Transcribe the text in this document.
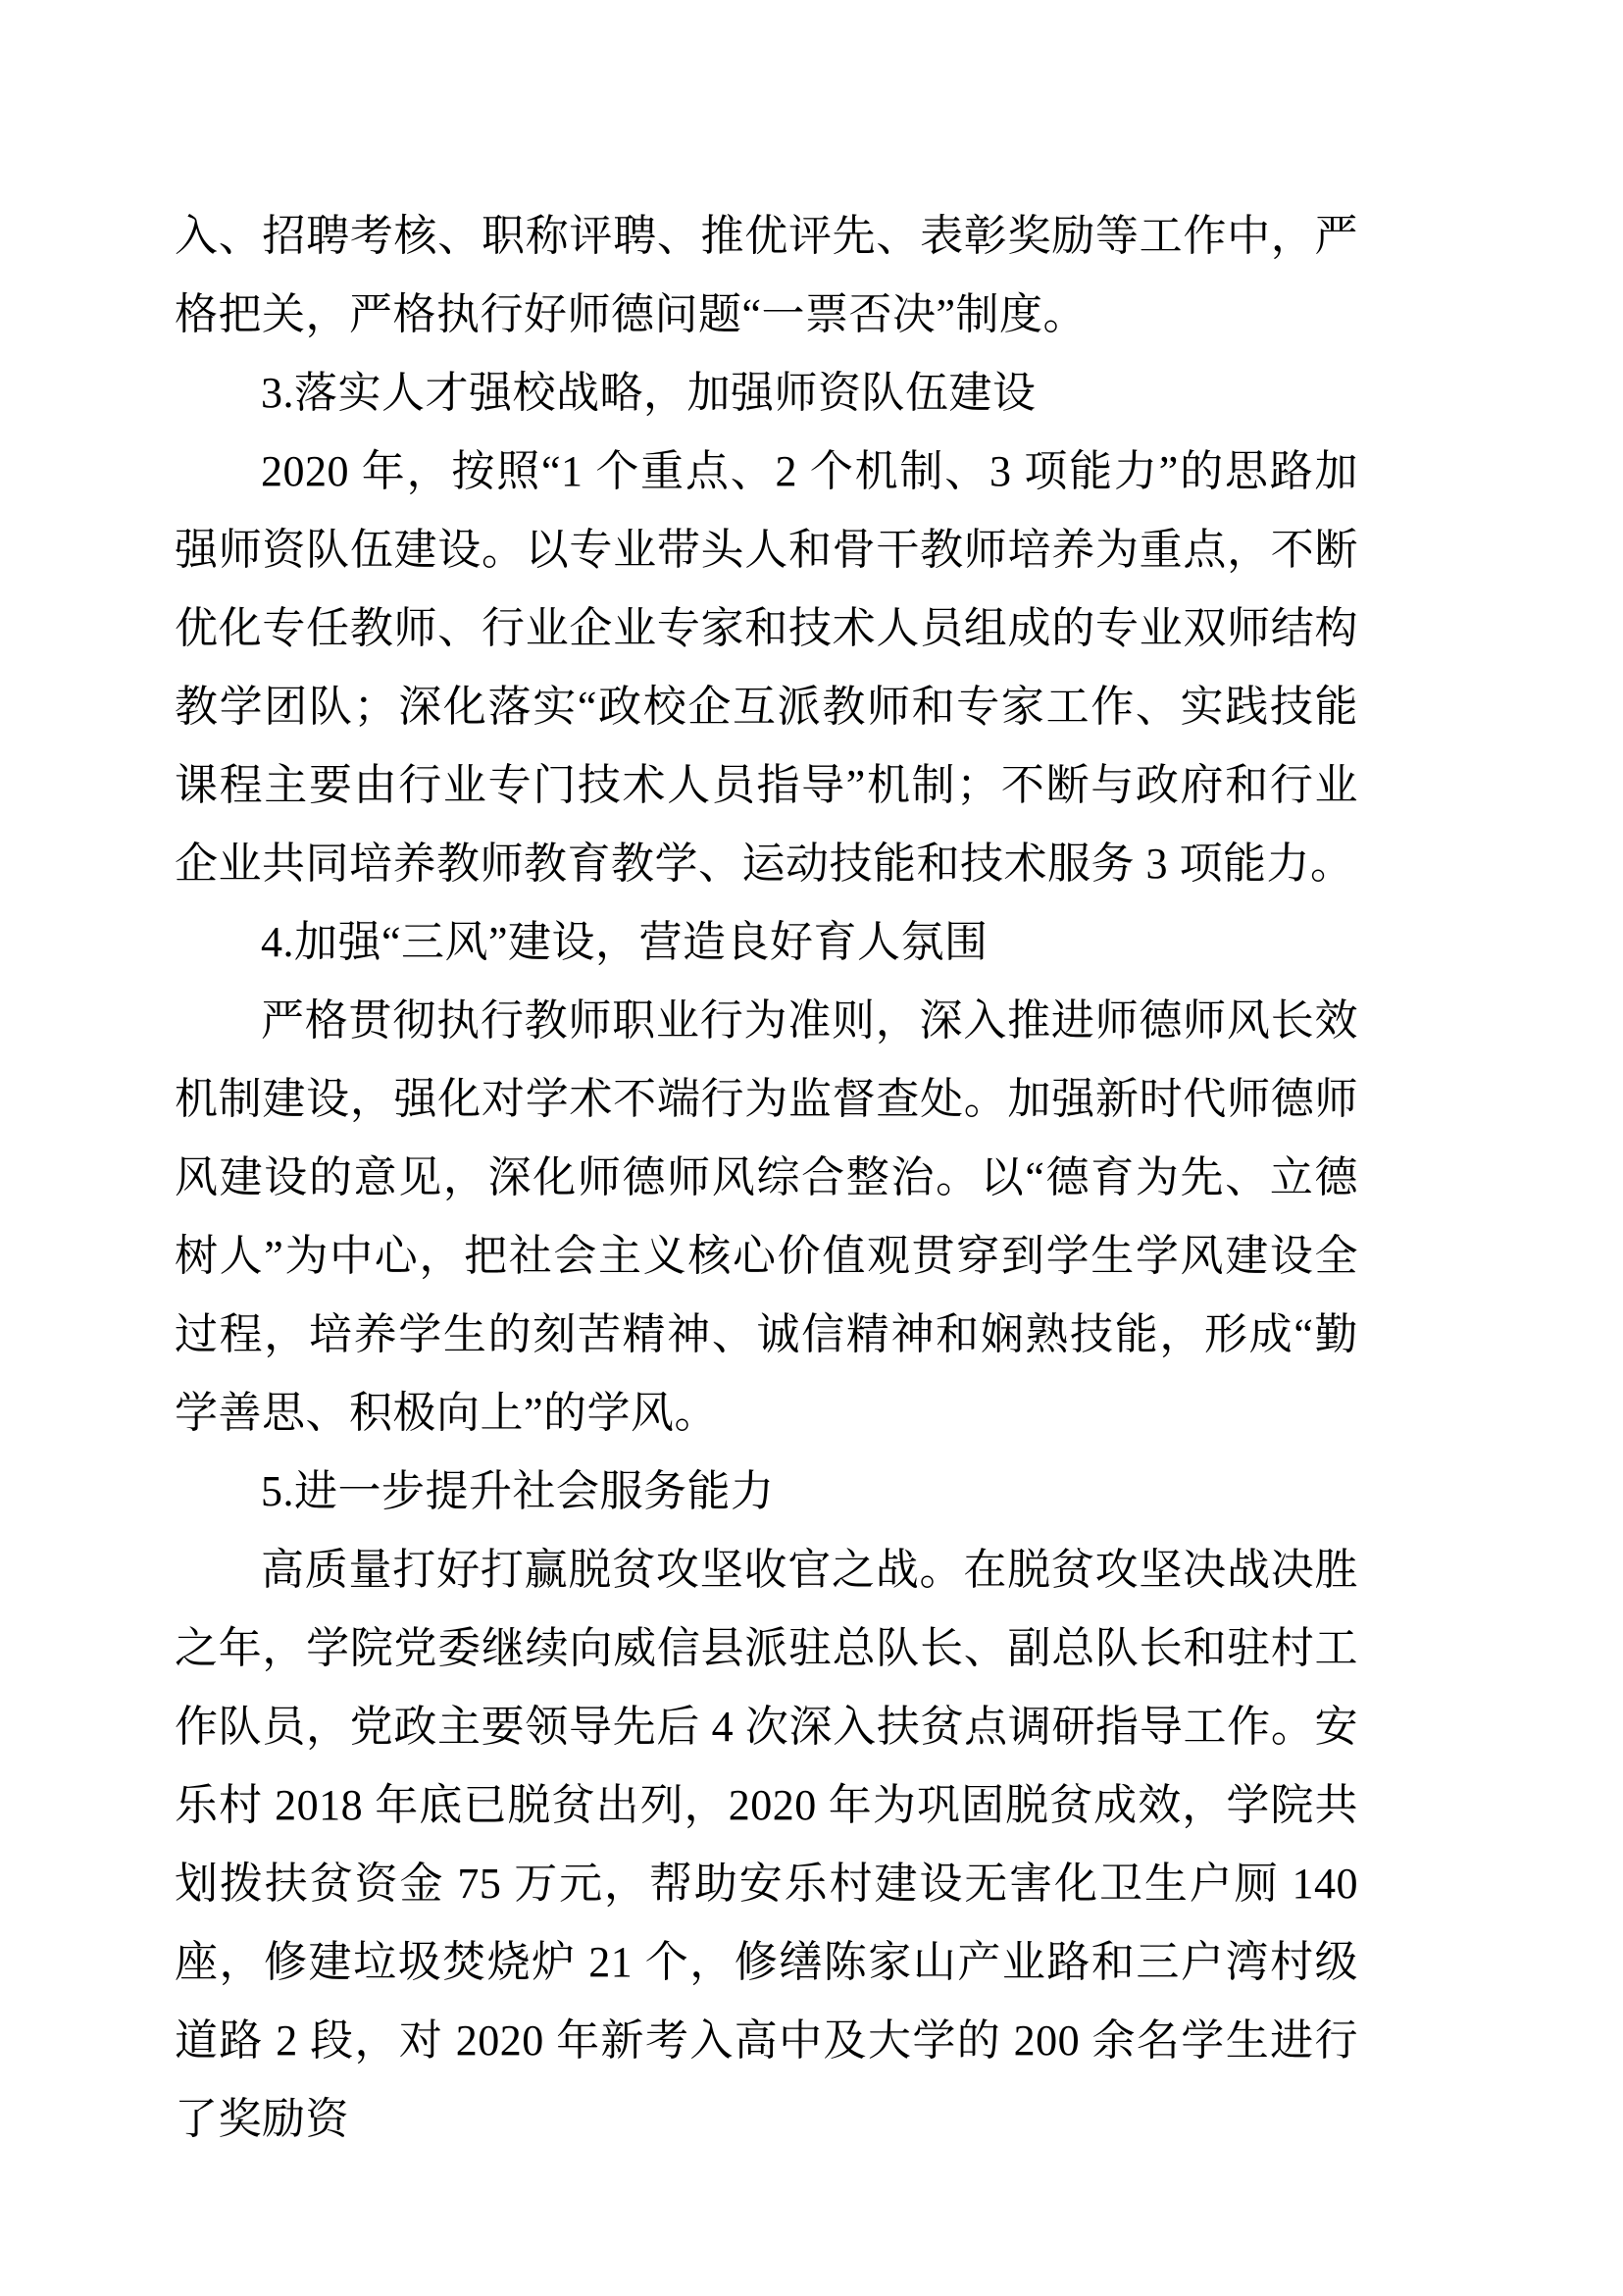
入、招聘考核、职称评聘、推优评先、表彰奖励等工作中，严格把关，严格执行好师德问题“一票否决”制度。

3.落实人才强校战略，加强师资队伍建设

2020 年，按照“1 个重点、2 个机制、3 项能力”的思路加强师资队伍建设。以专业带头人和骨干教师培养为重点，不断优化专任教师、行业企业专家和技术人员组成的专业双师结构教学团队；深化落实“政校企互派教师和专家工作、实践技能课程主要由行业专门技术人员指导”机制；不断与政府和行业企业共同培养教师教育教学、运动技能和技术服务 3 项能力。

4.加强“三风”建设，营造良好育人氛围

严格贯彻执行教师职业行为准则，深入推进师德师风长效机制建设，强化对学术不端行为监督查处。加强新时代师德师风建设的意见，深化师德师风综合整治。以“德育为先、立德树人”为中心，把社会主义核心价值观贯穿到学生学风建设全过程，培养学生的刻苦精神、诚信精神和娴熟技能，形成“勤学善思、积极向上”的学风。

5.进一步提升社会服务能力

高质量打好打赢脱贫攻坚收官之战。在脱贫攻坚决战决胜之年，学院党委继续向威信县派驻总队长、副总队长和驻村工作队员，党政主要领导先后 4 次深入扶贫点调研指导工作。安乐村 2018 年底已脱贫出列，2020 年为巩固脱贫成效，学院共划拨扶贫资金 75 万元，帮助安乐村建设无害化卫生户厕 140 座，修建垃圾焚烧炉 21 个，修缮陈家山产业路和三户湾村级道路 2 段，对 2020 年新考入高中及大学的 200 余名学生进行了奖励资
